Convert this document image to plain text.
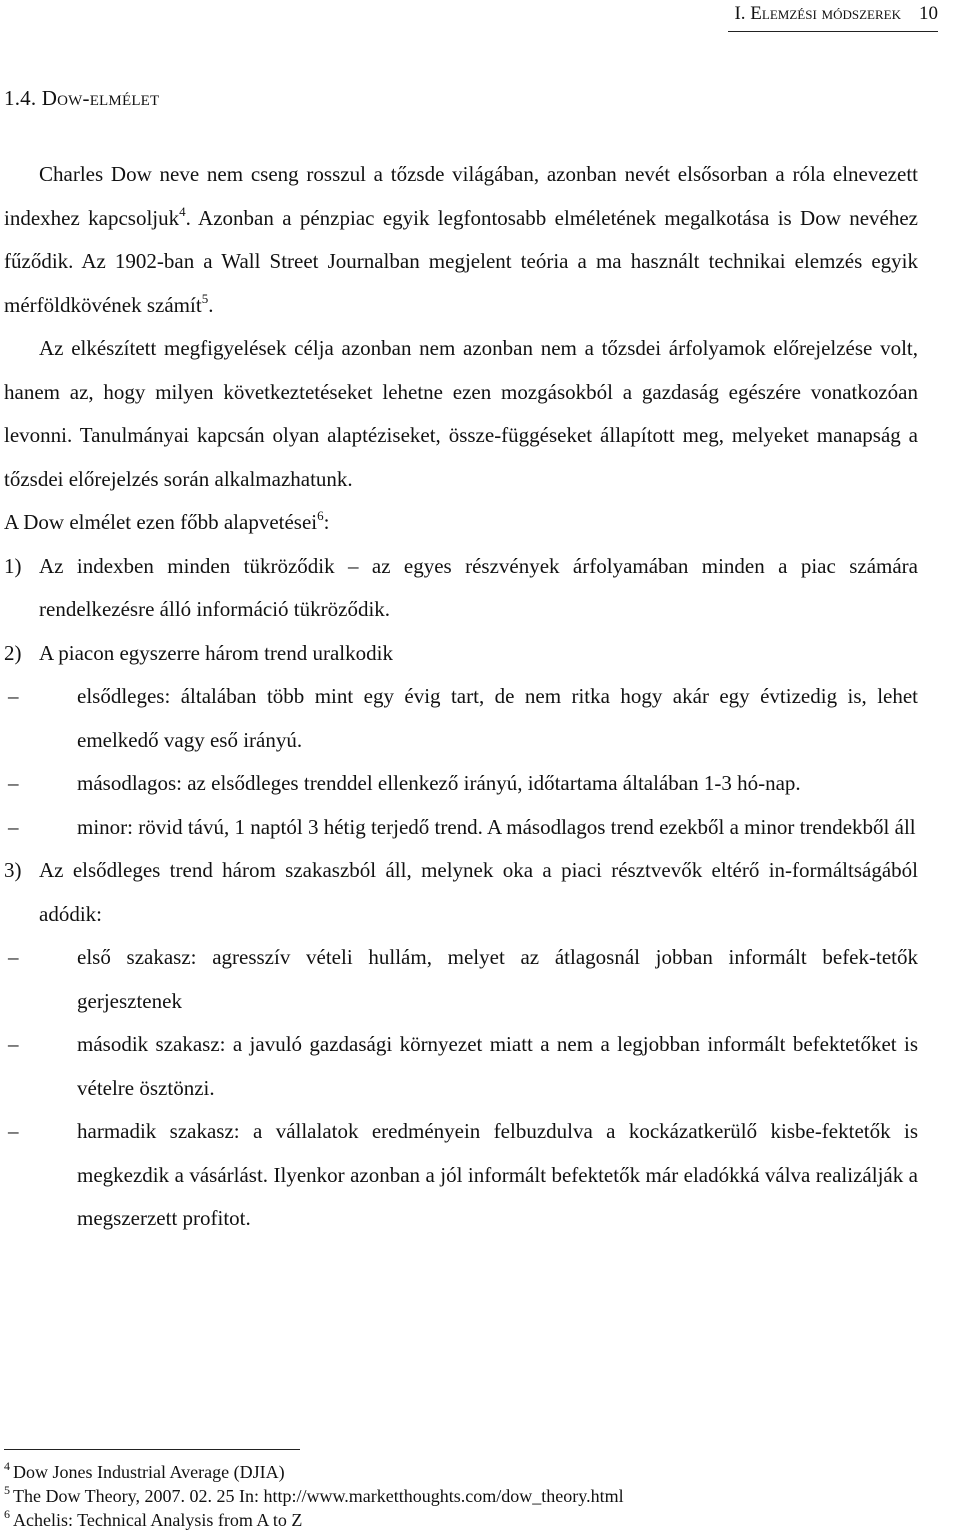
I. Elemzési módszerek 10
1.4. Dow-elmélet

Charles Dow neve nem cseng rosszul a tőzsde világában, azonban nevét elsősorban a róla elnevezett indexhez kapcsoljuk$^4$. Azonban a pénzpiac egyik legfontosabb elméletének megalkotása is Dow nevéhez fűződik. Az 1902-ban a Wall Street Journalban megjelent teória a ma használt technikai elemzés egyik mérföldkövének számít$^5$.

Az elkészített megfigyelések célja azonban nem azonban nem a tőzsdei árfolyamok előrejelzése volt, hanem az, hogy milyen következtetéseket lehetne ezen mozgásokból a gazdaság egészére vonatkozóan levonni. Tanulmányai kapcsán olyan alaptéziseket, össze-függéseket állapított meg, melyeket manapság a tőzsdei előrejelzés során alkalmazhatunk.

A Dow elmélet ezen főbb alapvetései$^6$:

1) Az indexben minden tükröződik – az egyes részvények árfolyamában minden a piac számára rendelkezésre álló információ tükröződik.
2) A piacon egyszerre három trend uralkodik
–	elsődleges: általában több mint egy évig tart, de nem ritka hogy akár egy évtizedig is, lehet emelkedő vagy eső irányú.
–	másodlagos: az elsődleges trenddel ellenkező irányú, időtartama általában 1-3 hó-nap.
–	minor: rövid távú, 1 naptól 3 hétig terjedő trend. A másodlagos trend ezekből a minor trendekből áll
3) Az elsődleges trend három szakaszból áll, melynek oka a piaci résztvevők eltérő in-formáltságából adódik:
–	első szakasz: agresszív vételi hullám, melyet az átlagosnál jobban informált befek-tetők gerjesztenek
–	második szakasz: a javuló gazdasági környezet miatt a nem a legjobban informált befektetőket is vételre ösztönzi.
–	harmadik szakasz: a vállalatok eredményein felbuzdulva a kockázatkerülő kisbe-fektetők is megkezdik a vásárlást. Ilyenkor azonban a jól informált befektetők már eladókká válva realizálják a megszerzett profitot.
$^4$ Dow Jones Industrial Average (DJIA)
$^5$ The Dow Theory, 2007. 02. 25 In: http://www.marketthoughts.com/dow_theory.html
$^6$ Achelis: Technical Analysis from A to Z
